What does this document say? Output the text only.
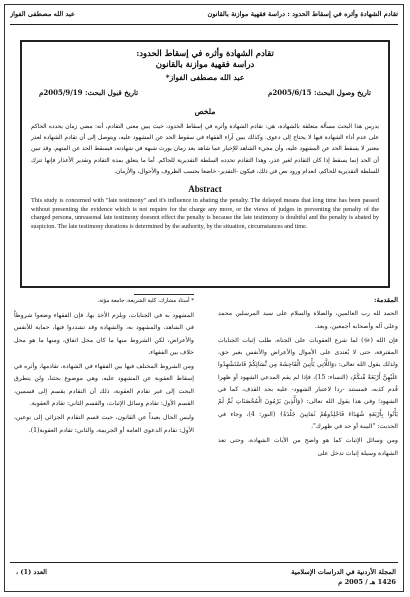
تقادم الشهادة وأثره في إسقاط الحدود : دراسة فقهية موازنة بالقانون
عبد الله مصطفى الفواز
تقادم الشهادة وأثره في إسقاط الحدود:
دراسة فقهية موازنة بالقانون
عبد الله مصطفى الفواز*
تاريخ وصول البحث: 2005/6/15م
تاريخ قبول البحث: 2005/9/19م
ملخص
يدرس هذا البحث مسألة متعلقة بالشهادة، هي: تقادم الشهادة وأثره في إسقاط الحدود، حيث يبين معنى التقادم، أنه: مضي زمان يحدده الحاكم على عدم أداء الشهادة فيها لا يحتاج إلى دعوى. وكذلك يبين آراء الفقهاء في سقوط الحد عن المشهود عليه، ويتوصل إلى أن تقادم الشهادة لعذر معتبر لا يسقط الحد عن المشهود عليه، وأن مجيء الشاهد للإخبار عما شاهد بعد زمان يورث شبهة في شهادته، فيسقط الحد عن المتهم. وقد تبين أن الحد إنما يسقط إذا كان التقادم لغير عذر، وهذا التقادم تحدده السلطة التقديرية للحاكم. أما ما يتعلق بمدة التقادم وتقدير الأعذار فإنها تترك للسلطة التقديرية للحاكم، انعدام ورود نص في ذلك، فيكون -التقدير- خاضعا بحسب الظروف والأحوال، والأزمان.
Abstract
This study is concerned with "late testimony" and it's influence in abating the penalty. The delayed means that long time has been passed without presenting the evidence which is not require for the charge any more, or the views of judges in preventing the penalty of the charged persona, unreasonal late testimony doesnot effect the penalty is because the late testimony is doubtful and the penalty is abated by suspicion. The late testimony durations is determined by the authority, by the situation, circumstances and time.
المقدمة:

الحمد لله رب العالمين، والصلاة والسلام على سيد المرسلين محمد وعلى آله وأصحابه أجمعين، وبعد.

فإن الله (ﷻ) لما شرع العقوبات على الجناة، طلب إثبات الجنايات المقترفة، حتى لا يُعتدى على الأموال والأعراض والأنفس بغير حق، ولذلك يقول الله تعالى: ﴿وَاللَّاتِي يَأْتِينَ الْفَاحِشَةَ مِن نِّسَائِكُمْ فَاسْتَشْهِدُوا عَلَيْهِنَّ أَرْبَعَةً مِّنكُمْ﴾ (النساء: 15)، فإذا لم يقم المدعي الشهود أو ظهرا قُدم كذبه، فمستند -ردا لاعتبار الشهود- عليه بحد القذف، كما في الشهود؛ وفي هذا يقول الله تعالى: ﴿وَالَّذِينَ يَرْمُونَ الْمُحْصَنَاتِ ثُمَّ لَمْ يَأْتُوا بِأَرْبَعَةِ شُهَدَاءَ فَاجْلِدُوهُمْ ثَمَانِينَ جَلْدَةً﴾ (النور: 4)، وجاء في الحديث: "البينة أو حد في ظهرك".

ومن وسائل الإثبات كما هو واضح من الآيات الشهادة، وحتى تعد الشهادة وسيلة إثبات تدخل على

* أستاذ مشارك، كلية الشريعة، جامعة مؤتة.

المشهود به في الجنايات، ويلزم الأخذ بها، فإن الفقهاء وضعوا شروطاً في الشاهد، والمشهود به، والشهادة وقد تشددوا فيها، حماية للأنفس والأعراض، لكن الشروط منها ما كان محل اتفاق، ومنها ما هو محل خلاف بين الفقهاء.

ومن الشروط المختلف فيها بين الفقهاء في الشهادة، تقادمها، وأثره في إسقاط العقوبة عن المشهود عليه، وهي موضوع بحثنا، ولن يتطرق البحث إلى غير تقادم العقوبة، ذلك أن التقادم يقسم إلى قسمين، القسم الأول: تقادم وسائل الإثبات، والقسم الثاني: تقادم العقوبة.

وليس الحال بعيداً عن القانون، حيث قسم التقادم الجزائي إلى نوعين، الأول: تقادم الدعوى العامة أو الجريمة، والثاني: تقادم العقوبة(1).

المجلة الأردنية في الدراسات الإسلامية
1426 هـ / 2005 م
العدد (1) ،
